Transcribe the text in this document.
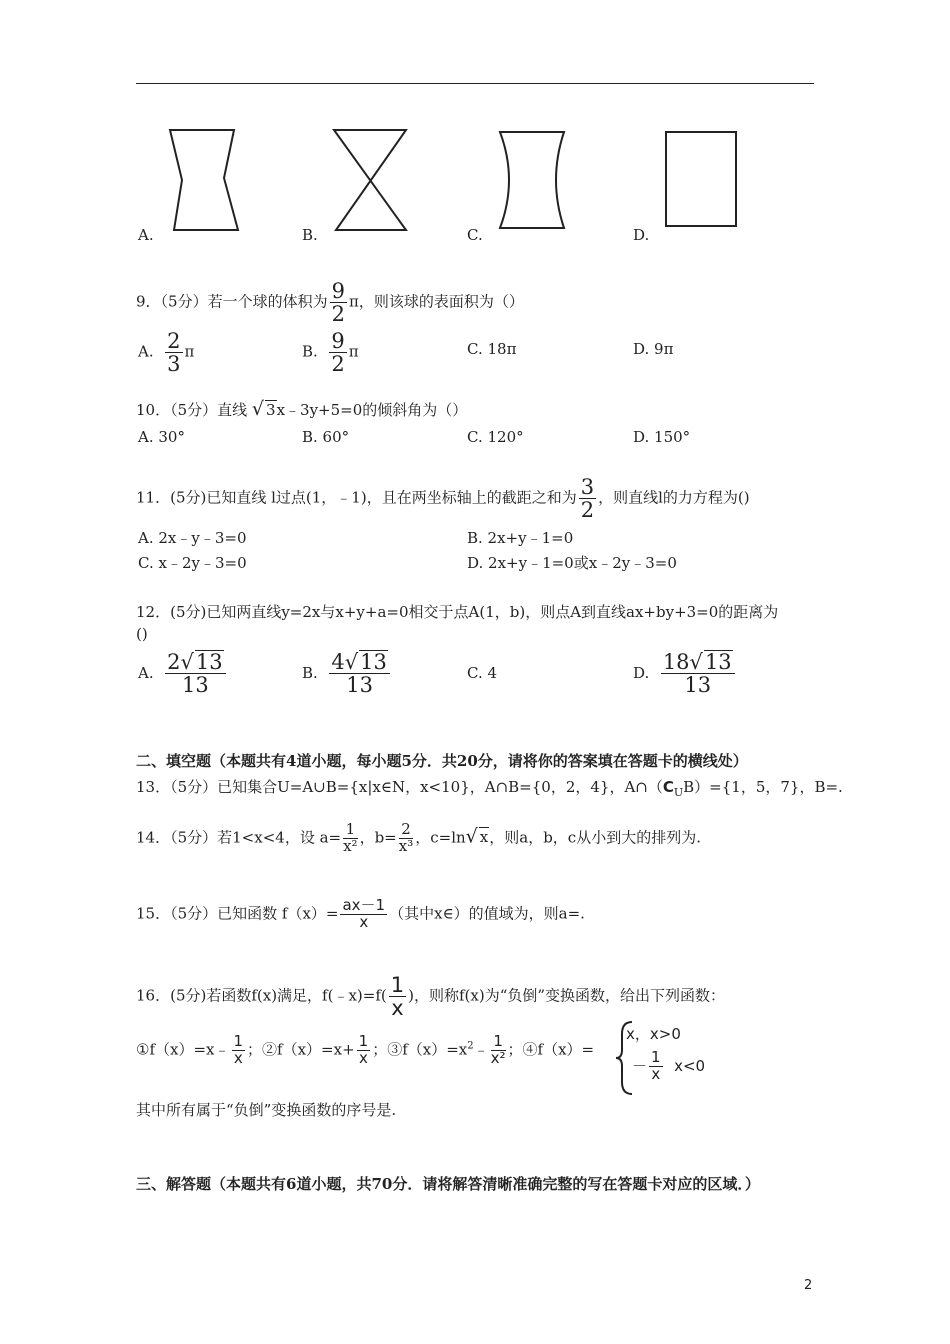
A.	B.	C.	D.
9．（5分）若一个球的体积为 $\frac{9}{2}$ π，则该球的表面积为（）
A. $\frac{2}{3}$ π	B. $\frac{9}{2}$ π	C. 18π	D. 9π
10．（5分）直线 √ 3x﹣3y+5=0的倾斜角为（）
A. 30°	B. 60°	C. 120°	D. 150°
11．(5分)已知直线 l过点(1，﹣1)，且在两坐标轴上的截距之和为 $\frac{3}{2}$ ，则直线l的力方程为()
A. 2x﹣y﹣3=0	B. 2x+y﹣1=0
C. x﹣2y﹣3=0	D. 2x+y﹣1=0或x﹣2y﹣3=0
12．(5分)已知两直线y=2x与x+y+a=0相交于点A(1，b)，则点A到直线ax+by+3=0的距离为
()
A. $\frac{2√13}{13}$	B. $\frac{4√13}{13}$	C. 4	D. $\frac{18√13}{13}$
二、填空题（本题共有4道小题，每小题5分．共20分，请将你的答案填在答题卡的横线处）
13．（5分）已知集合U=A∪B={x|x∈N，x<10}，A∩B={0，2，4}，$A\cap(C_UB)=\{1$，5，7}，B=.
14．（5分）若1<x<4，设 $a= \frac{1}{\text{x²}}$ ，$b= \frac{2}{\text{x³}}$ ，c=ln√ x，则a，b，c从小到大的排列为.
15．（5分）已知函数 $f(x)= \frac{ax-1}{x}$ （其中x∈）的值域为，则a=.
16．(5分)若函数f(x)满足，f(﹣x)=f( $\frac{1}{x}$ )，则称f(x)为“负倒”变换函数，给出下列函数：
①f（x）=x﹣ $\frac{1}{x}$ ；②f（x）=x+ $\frac{1}{x}$ ；$③f(x)=x^2﹣ \frac{1}{\text{x²}}$ ；④f（x）=
x，x>0
－ $\frac{1}{x} x<0$
其中所有属于“负倒”变换函数的序号是.
三、解答题（本题共有6道小题，共70分．请将解答清晰准确完整的写在答题卡对应的区域．）
2
